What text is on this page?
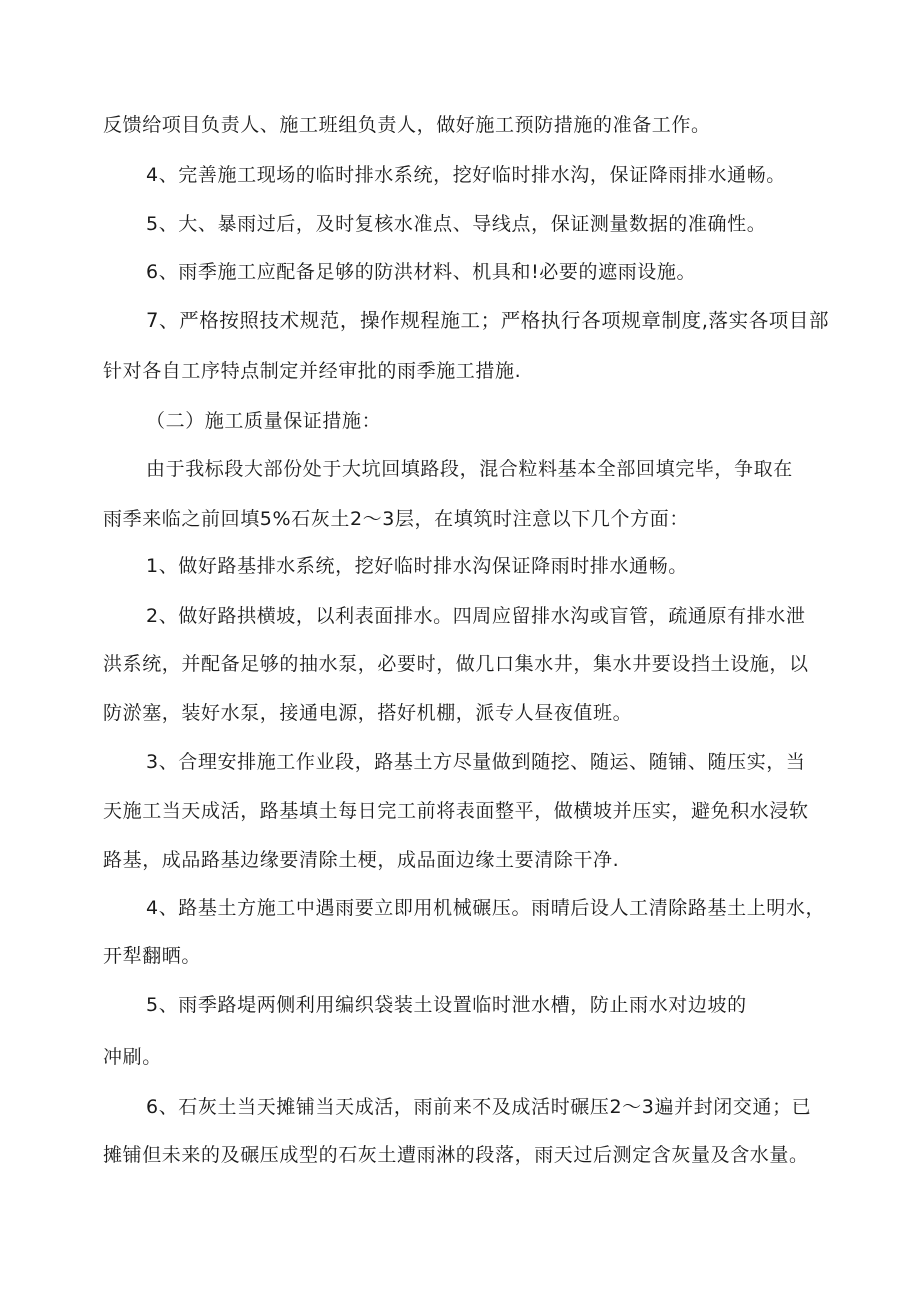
反馈给项目负责人、施工班组负责人，做好施工预防措施的准备工作。
4、完善施工现场的临时排水系统，挖好临时排水沟，保证降雨排水通畅。
5、大、暴雨过后，及时复核水准点、导线点，保证测量数据的准确性。
6、雨季施工应配备足够的防洪材料、机具和!必要的遮雨设施。
7、严格按照技术规范，操作规程施工；严格执行各项规章制度,落实各项目部
针对各自工序特点制定并经审批的雨季施工措施.
（二）施工质量保证措施：
由于我标段大部份处于大坑回填路段，混合粒料基本全部回填完毕，争取在
雨季来临之前回填5%石灰土2～3层，在填筑时注意以下几个方面：
1、做好路基排水系统，挖好临时排水沟保证降雨时排水通畅。
2、做好路拱横坡，以利表面排水。四周应留排水沟或盲管，疏通原有排水泄
洪系统，并配备足够的抽水泵，必要时，做几口集水井，集水井要设挡土设施，以
防淤塞，装好水泵，接通电源，搭好机棚，派专人昼夜值班。
3、合理安排施工作业段，路基土方尽量做到随挖、随运、随铺、随压实，当
天施工当天成活，路基填土每日完工前将表面整平，做横坡并压实，避免积水浸软
路基，成品路基边缘要清除土梗，成品面边缘土要清除干净.
4、路基土方施工中遇雨要立即用机械碾压。雨晴后设人工清除路基土上明水，
开犁翻晒。
5、雨季路堤两侧利用编织袋装土设置临时泄水槽，防止雨水对边坡的
冲刷。
6、石灰土当天摊铺当天成活，雨前来不及成活时碾压2～3遍并封闭交通；已
摊铺但未来的及碾压成型的石灰土遭雨淋的段落，雨天过后测定含灰量及含水量。
